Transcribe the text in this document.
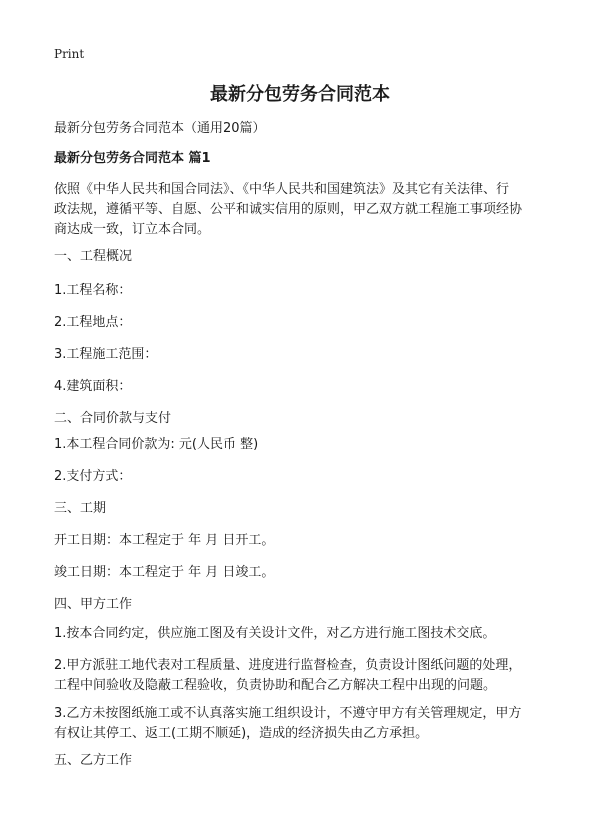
Print
最新分包劳务合同范本

最新分包劳务合同范本（通用20篇）

最新分包劳务合同范本 篇1

依照《中华人民共和国合同法》、《中华人民共和国建筑法》及其它有关法律、行
政法规，遵循平等、自愿、公平和诚实信用的原则，甲乙双方就工程施工事项经协
商达成一致，订立本合同。

一、工程概况

1.工程名称：

2.工程地点：

3.工程施工范围：

4.建筑面积：

二、合同价款与支付

1.本工程合同价款为: 元(人民币 整)

2.支付方式：

三、工期

开工日期：本工程定于 年 月 日开工。

竣工日期：本工程定于 年 月 日竣工。

四、甲方工作

1.按本合同约定，供应施工图及有关设计文件，对乙方进行施工图技术交底。

2.甲方派驻工地代表对工程质量、进度进行监督检查，负责设计图纸问题的处理，
工程中间验收及隐蔽工程验收，负责协助和配合乙方解决工程中出现的问题。

3.乙方未按图纸施工或不认真落实施工组织设计，不遵守甲方有关管理规定，甲方
有权让其停工、返工(工期不顺延)，造成的经济损失由乙方承担。

五、乙方工作
